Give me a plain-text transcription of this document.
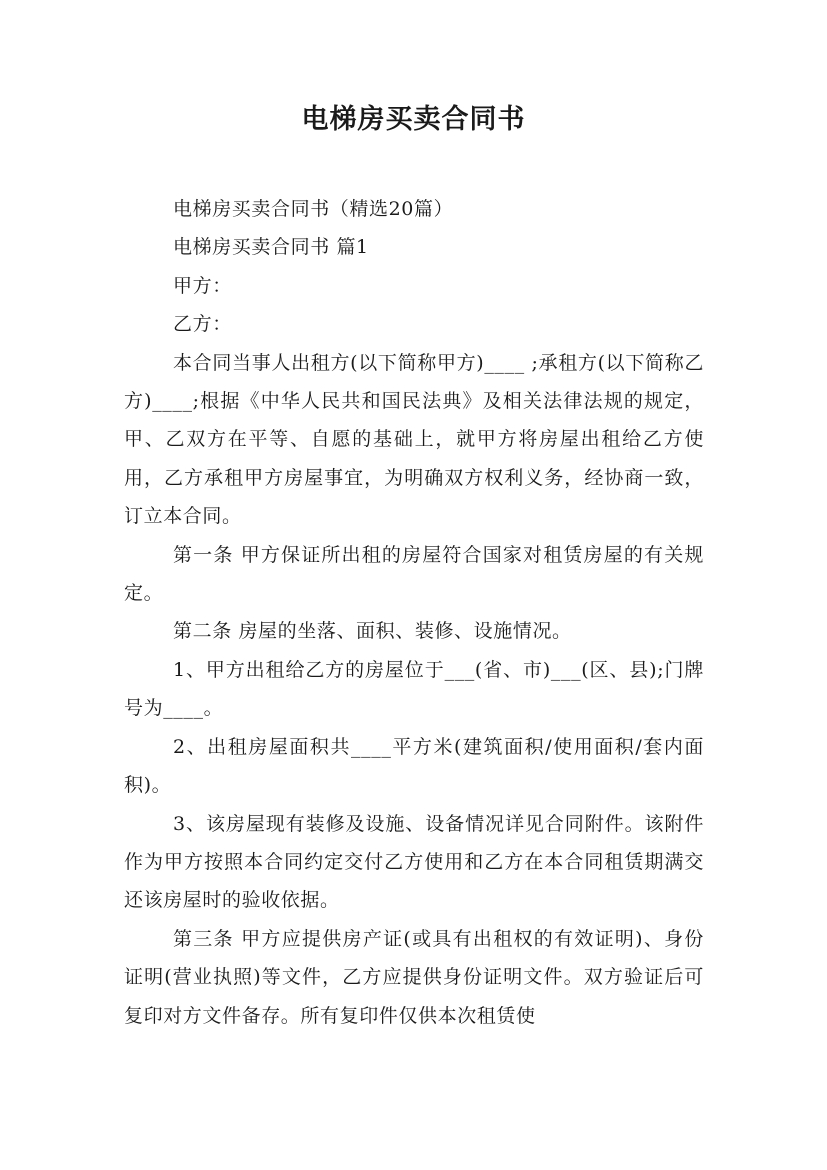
电梯房买卖合同书

电梯房买卖合同书（精选20篇）

电梯房买卖合同书 篇1

甲方：

乙方：

本合同当事人出租方(以下简称甲方)____ ;承租方(以下简称乙方)____;根据《中华人民共和国民法典》及相关法律法规的规定，甲、乙双方在平等、自愿的基础上，就甲方将房屋出租给乙方使用，乙方承租甲方房屋事宜，为明确双方权利义务，经协商一致，订立本合同。

第一条 甲方保证所出租的房屋符合国家对租赁房屋的有关规定。

第二条 房屋的坐落、面积、装修、设施情况。

1、甲方出租给乙方的房屋位于___(省、市)___(区、县);门牌号为____。

2、出租房屋面积共____平方米(建筑面积/使用面积/套内面积)。

3、该房屋现有装修及设施、设备情况详见合同附件。该附件作为甲方按照本合同约定交付乙方使用和乙方在本合同租赁期满交还该房屋时的验收依据。

第三条 甲方应提供房产证(或具有出租权的有效证明)、身份证明(营业执照)等文件，乙方应提供身份证明文件。双方验证后可复印对方文件备存。所有复印件仅供本次租赁使
